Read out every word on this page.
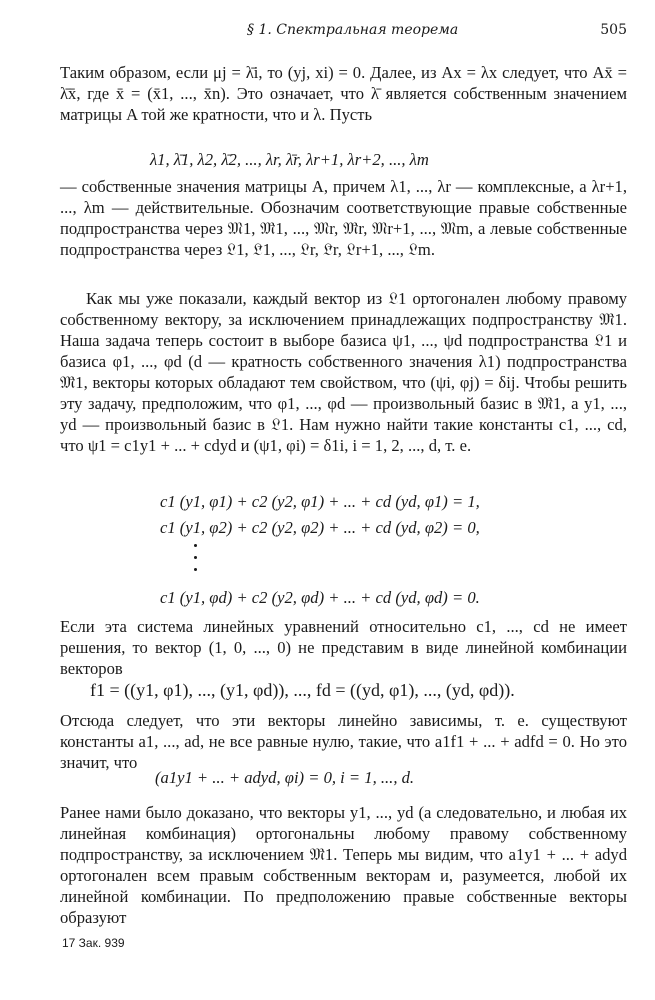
§ 1. Спектральная теорема	505
Таким образом, если μj = λ̄i, то (yj, xi) = 0. Далее, из Ax = λx следует, что Ax̄ = λ̄x̄, где x̄ = (x̄1, ..., x̄n). Это означает, что λ̄ является собственным значением матрицы A той же кратности, что и λ. Пусть
λ1, λ̄1, λ2, λ̄2, ..., λr, λ̄r, λr+1, λr+2, ..., λm
— собственные значения матрицы A, причем λ1, ..., λr — комплексные, а λr+1, ..., λm — действительные. Обозначим соответствующие правые собственные подпространства через 𝔐1, 𝔐̄1, ..., 𝔐r, 𝔐̄r, 𝔐r+1, ..., 𝔐m, а левые собственные подпространства через 𝔏1, 𝔏̄1, ..., 𝔏r, 𝔏̄r, 𝔏r+1, ..., 𝔏m.
Как мы уже показали, каждый вектор из 𝔏1 ортогонален любому правому собственному вектору, за исключением принадлежащих подпространству 𝔐̄1. Наша задача теперь состоит в выборе базиса ψ1, ..., ψd подпространства 𝔏1 и базиса φ1, ..., φd (d — кратность собственного значения λ1) подпространства 𝔐̄1, векторы которых обладают тем свойством, что (ψi, φj) = δij. Чтобы решить эту задачу, предположим, что φ1, ..., φd — произвольный базис в 𝔐̄1, а y1, ..., yd — произвольный базис в 𝔏1. Нам нужно найти такие константы c1, ..., cd, что ψ1 = c1y1 + ... + cdyd и (ψ1, φi) = δ1i, i = 1, 2, ..., d, т. е.
c1 (y1, φ1) + c2 (y2, φ1) + ... + cd (yd, φ1) = 1,
c1 (y1, φ2) + c2 (y2, φ2) + ... + cd (yd, φ2) = 0,
c1 (y1, φd) + c2 (y2, φd) + ... + cd (yd, φd) = 0.
Если эта система линейных уравнений относительно c1, ..., cd не имеет решения, то вектор (1, 0, ..., 0) не представим в виде линейной комбинации векторов
f1 = ((y1, φ1), ..., (y1, φd)), ..., fd = ((yd, φ1), ..., (yd, φd)).
Отсюда следует, что эти векторы линейно зависимы, т. е. существуют константы a1, ..., ad, не все равные нулю, такие, что a1f1 + ... + adfd = 0. Но это значит, что
(a1y1 + ... + adyd, φi) = 0, i = 1, ..., d.
Ранее нами было доказано, что векторы y1, ..., yd (а следовательно, и любая их линейная комбинация) ортогональны любому правому собственному подпространству, за исключением 𝔐̄1. Теперь мы видим, что a1y1 + ... + adyd ортогонален всем правым собственным векторам и, разумеется, любой их линейной комбинации. По предположению правые собственные векторы образуют
17 Зак. 939
